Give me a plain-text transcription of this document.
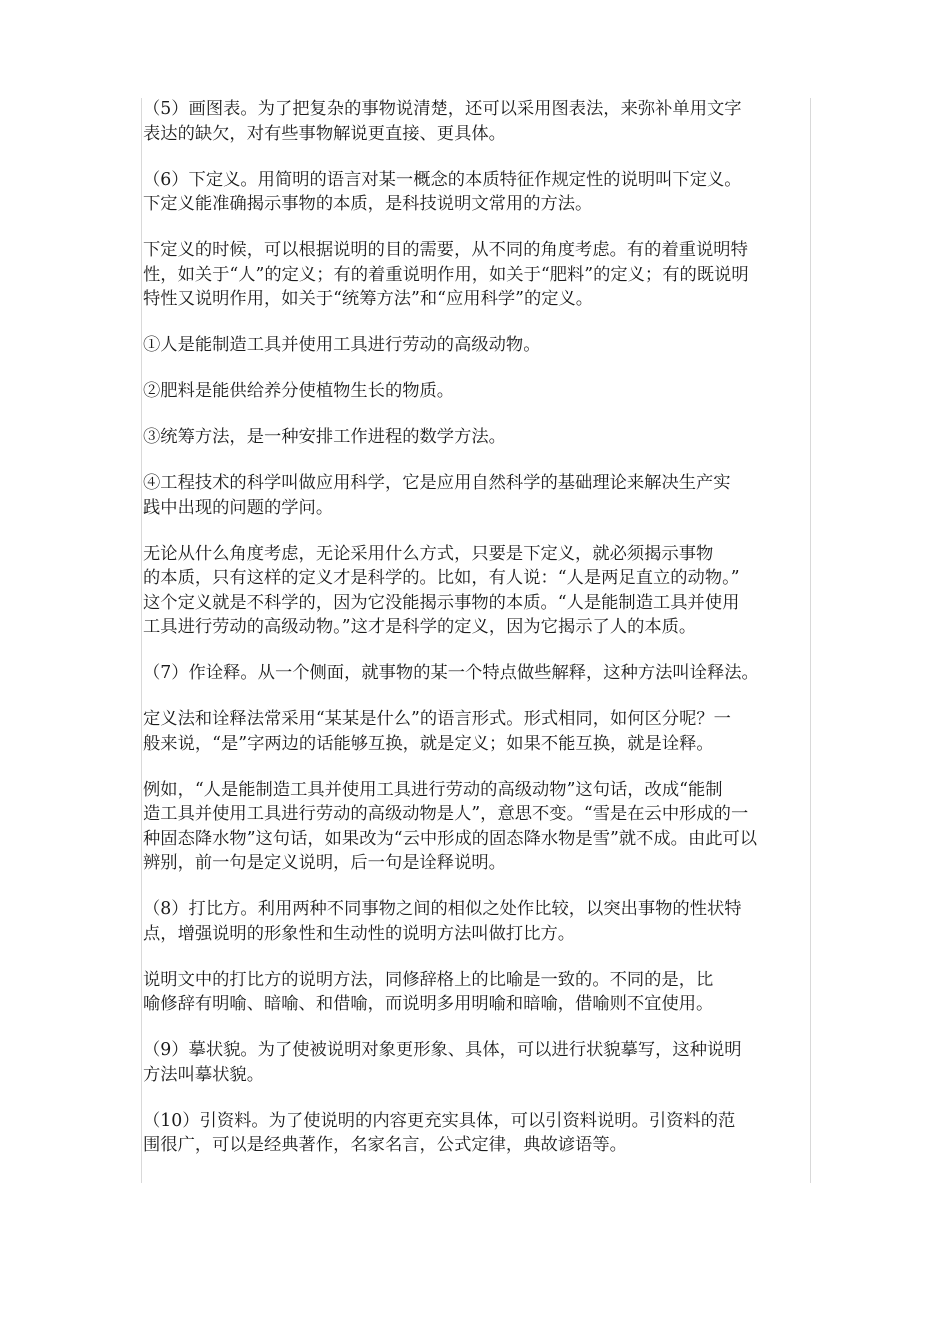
（5）画图表。为了把复杂的事物说清楚，还可以采用图表法，来弥补单用文字
表达的缺欠，对有些事物解说更直接、更具体。
（6）下定义。用简明的语言对某一概念的本质特征作规定性的说明叫下定义。
下定义能准确揭示事物的本质，是科技说明文常用的方法。
下定义的时候，可以根据说明的目的需要，从不同的角度考虑。有的着重说明特
性，如关于“人”的定义；有的着重说明作用，如关于“肥料”的定义；有的既说明
特性又说明作用，如关于“统筹方法”和“应用科学”的定义。
①人是能制造工具并使用工具进行劳动的高级动物。
②肥料是能供给养分使植物生长的物质。
③统筹方法，是一种安排工作进程的数学方法。
④工程技术的科学叫做应用科学，它是应用自然科学的基础理论来解决生产实
践中出现的问题的学问。
无论从什么角度考虑，无论采用什么方式，只要是下定义，就必须揭示事物
的本质，只有这样的定义才是科学的。比如，有人说：“人是两足直立的动物。”
这个定义就是不科学的，因为它没能揭示事物的本质。“人是能制造工具并使用
工具进行劳动的高级动物。”这才是科学的定义，因为它揭示了人的本质。
（7）作诠释。从一个侧面，就事物的某一个特点做些解释，这种方法叫诠释法。
定义法和诠释法常采用“某某是什么”的语言形式。形式相同，如何区分呢？一
般来说，“是”字两边的话能够互换，就是定义；如果不能互换，就是诠释。
例如，“人是能制造工具并使用工具进行劳动的高级动物”这句话，改成“能制
造工具并使用工具进行劳动的高级动物是人”，意思不变。“雪是在云中形成的一
种固态降水物”这句话，如果改为“云中形成的固态降水物是雪”就不成。由此可以
辨别，前一句是定义说明，后一句是诠释说明。
（8）打比方。利用两种不同事物之间的相似之处作比较，以突出事物的性状特
点，增强说明的形象性和生动性的说明方法叫做打比方。
说明文中的打比方的说明方法，同修辞格上的比喻是一致的。不同的是，比
喻修辞有明喻、暗喻、和借喻，而说明多用明喻和暗喻，借喻则不宜使用。
（9）摹状貌。为了使被说明对象更形象、具体，可以进行状貌摹写，这种说明
方法叫摹状貌。
（10）引资料。为了使说明的内容更充实具体，可以引资料说明。引资料的范
围很广，可以是经典著作，名家名言，公式定律，典故谚语等。
